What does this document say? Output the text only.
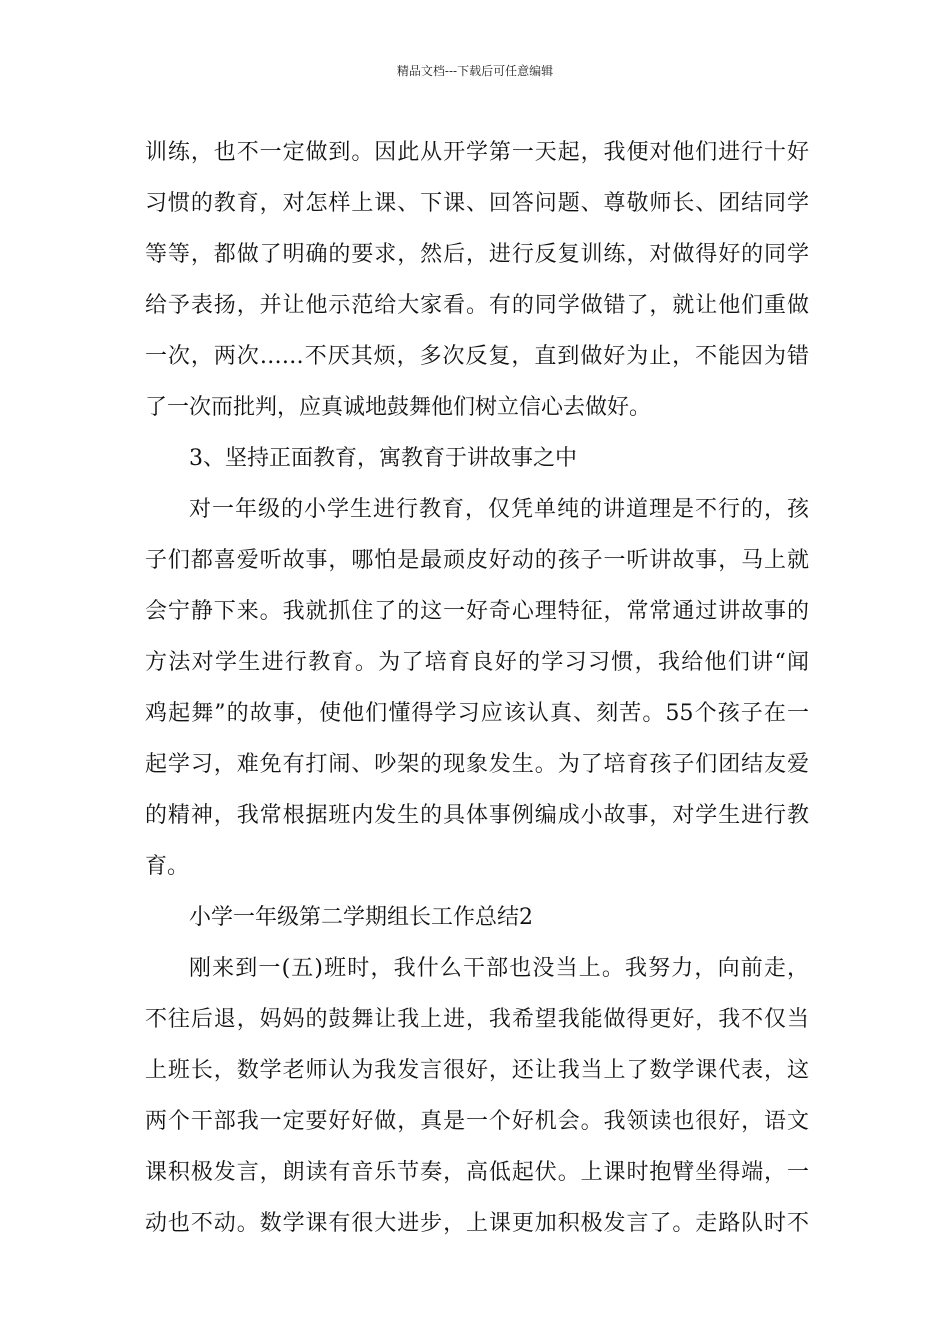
精品文档---下载后可任意编辑
训练，也不一定做到。因此从开学第一天起，我便对他们进行十好
习惯的教育，对怎样上课、下课、回答问题、尊敬师长、团结同学
等等，都做了明确的要求，然后，进行反复训练，对做得好的同学
给予表扬，并让他示范给大家看。有的同学做错了，就让他们重做
一次，两次……不厌其烦，多次反复，直到做好为止，不能因为错
了一次而批判，应真诚地鼓舞他们树立信心去做好。
3、坚持正面教育，寓教育于讲故事之中
对一年级的小学生进行教育，仅凭单纯的讲道理是不行的，孩
子们都喜爱听故事，哪怕是最顽皮好动的孩子一听讲故事，马上就
会宁静下来。我就抓住了的这一好奇心理特征，常常通过讲故事的
方法对学生进行教育。为了培育良好的学习习惯，我给他们讲“闻
鸡起舞”的故事，使他们懂得学习应该认真、刻苦。55个孩子在一
起学习，难免有打闹、吵架的现象发生。为了培育孩子们团结友爱
的精神，我常根据班内发生的具体事例编成小故事，对学生进行教
育。
小学一年级第二学期组长工作总结2
刚来到一(五)班时，我什么干部也没当上。我努力，向前走，
不往后退，妈妈的鼓舞让我上进，我希望我能做得更好，我不仅当
上班长，数学老师认为我发言很好，还让我当上了数学课代表，这
两个干部我一定要好好做，真是一个好机会。我领读也很好，语文
课积极发言，朗读有音乐节奏，高低起伏。上课时抱臂坐得端，一
动也不动。数学课有很大进步，上课更加积极发言了。走路队时不
